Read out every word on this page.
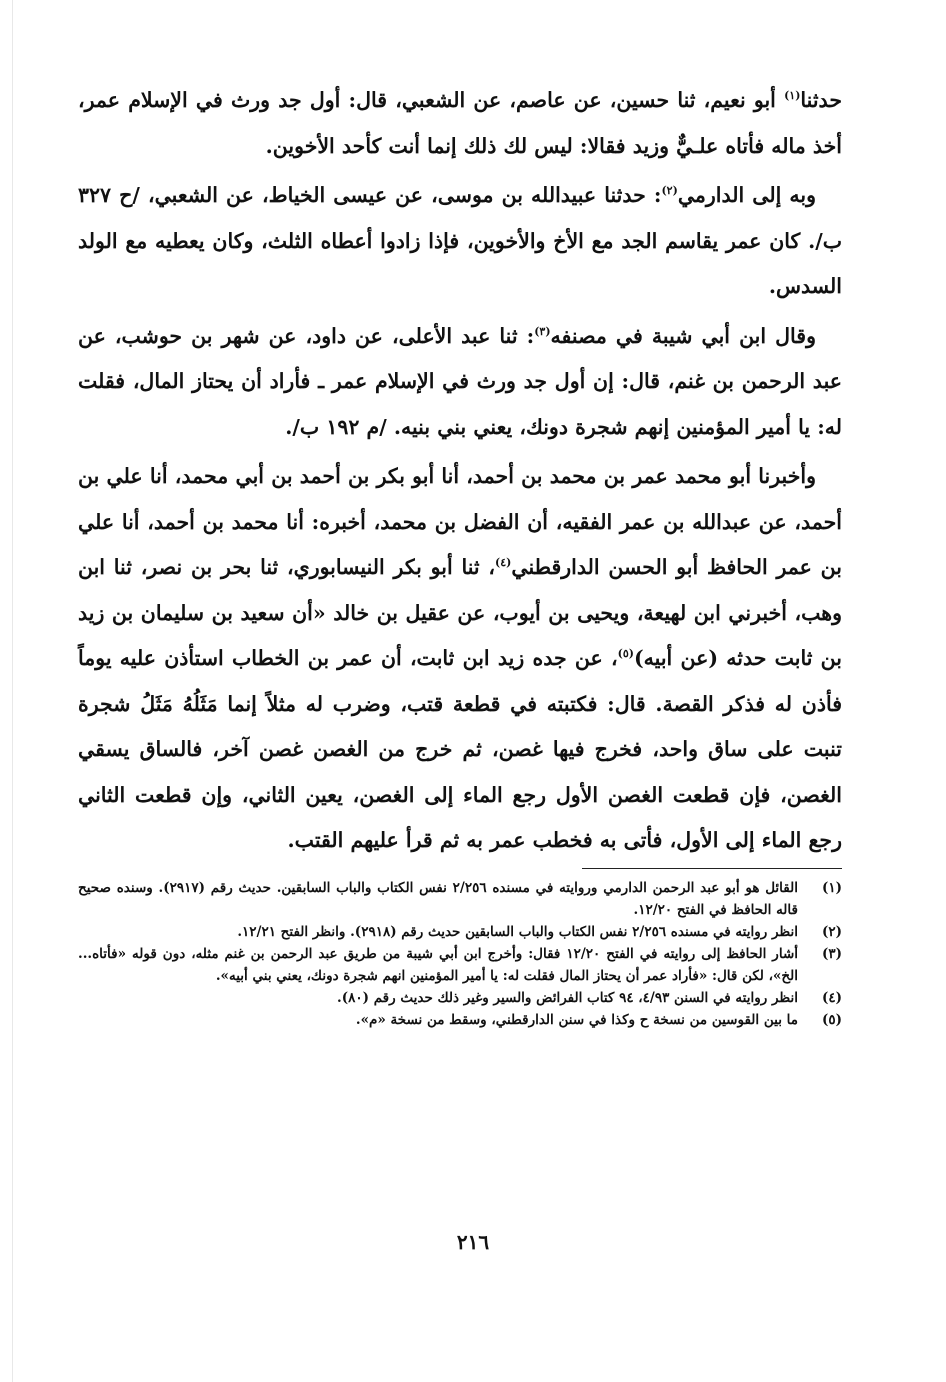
حدثنا$^{(١)}$ أبو نعيم، ثنا حسين، عن عاصم، عن الشعبي، قال: أول جد ورث في الإسلام عمر، أخذ ماله فأتاه علـيٌّ وزيد فقالا: ليس لك ذلك إنما أنت كأحد الأخوين.

وبه إلى الدارمي$^{(٢)}$: حدثنا عبيدالله بن موسى، عن عيسى الخياط، عن الشعبي، /ح ٣٢٧ ب/. كان عمر يقاسم الجد مع الأخ والأخوين، فإذا زادوا أعطاه الثلث، وكان يعطيه مع الولد السدس.

وقال ابن أبي شيبة في مصنفه$^{(٣)}$: ثنا عبد الأعلى، عن داود، عن شهر بن حوشب، عن عبد الرحمن بن غنم، قال: إن أول جد ورث في الإسلام عمر ـ فأراد أن يحتاز المال، فقلت له: يا أمير المؤمنين إنهم شجرة دونك، يعني بني بنيه. /م ١٩٢ ب/.

وأخبرنا أبو محمد عمر بن محمد بن أحمد، أنا أبو بكر بن أحمد بن أبي محمد، أنا علي بن أحمد، عن عبدالله بن عمر الفقيه، أن الفضل بن محمد، أخبره: أنا محمد بن أحمد، أنا علي بن عمر الحافظ أبو الحسن الدارقطني$^{(٤)}$، ثنا أبو بكر النيسابوري، ثنا بحر بن نصر، ثنا ابن وهب، أخبرني ابن لهيعة، ويحيى بن أيوب، عن عقيل بن خالد «أن سعيد بن سليمان بن زيد بن ثابت حدثه (عن أبيه)$^{(٥)}$، عن جده زيد ابن ثابت، أن عمر بن الخطاب استأذن عليه يوماً فأذن له فذكر القصة. قال: فكتبته في قطعة قتب، وضرب له مثلاً إنما مَثَلُهُ مَثَلُ شجرة تنبت على ساق واحد، فخرج فيها غصن، ثم خرج من الغصن غصن آخر، فالساق يسقي الغصن، فإن قطعت الغصن الأول رجع الماء إلى الغصن، يعين الثاني، وإن قطعت الثاني رجع الماء إلى الأول، فأتى به فخطب عمر به ثم قرأ عليهم القتب.

(١)
القائل هو أبو عبد الرحمن الدارمي وروايته في مسنده ٢/٢٥٦ نفس الكتاب والباب السابقين. حديث رقم (٢٩١٧). وسنده صحيح قاله الحافظ في الفتح ١٢/٢٠.
(٢)
انظر روايته في مسنده ٢/٢٥٦ نفس الكتاب والباب السابقين حديث رقم (٢٩١٨). وانظر الفتح ١٢/٢١.
(٣)
أشار الحافظ إلى روايته في الفتح ١٢/٢٠ فقال: وأخرج ابن أبي شيبة من طريق عبد الرحمن بن غنم مثله، دون قوله «فأتاه... الخ»، لكن قال: «فأراد عمر أن يحتاز المال فقلت له: يا أمير المؤمنين انهم شجرة دونك، يعني بني أبيه».
(٤)
انظر روايته في السنن ٤/٩٣، ٩٤ كتاب الفرائض والسير وغير ذلك حديث رقم (٨٠).
(٥)
ما بين القوسين من نسخة ح وكذا في سنن الدارقطني، وسقط من نسخة «م».
٢١٦
